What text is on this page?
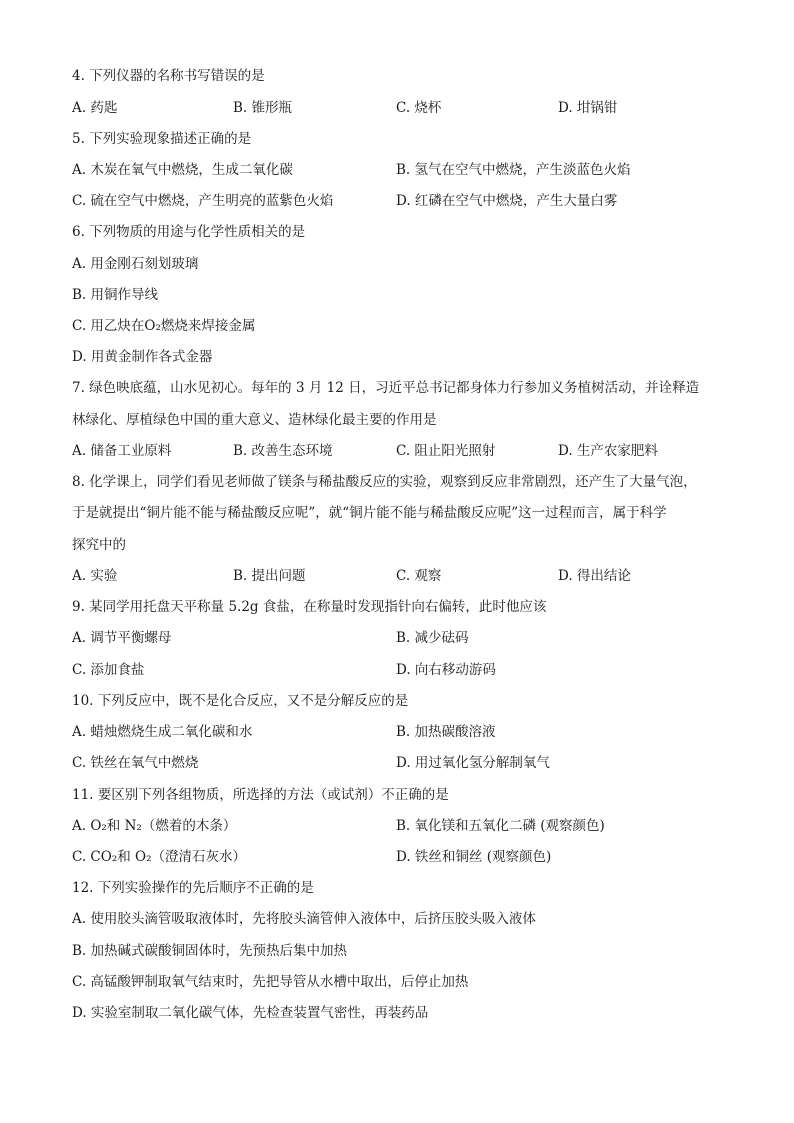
4. 下列仪器的名称书写错误的是
A. 药匙	B. 锥形瓶	C. 烧杯	D. 坩锅钳
5. 下列实验现象描述正确的是
A. 木炭在氧气中燃烧，生成二氧化碳	B. 氢气在空气中燃烧，产生淡蓝色火焰
C. 硫在空气中燃烧，产生明亮的蓝紫色火焰	D. 红磷在空气中燃烧，产生大量白雾
6. 下列物质的用途与化学性质相关的是
A. 用金刚石刻划玻璃
B. 用铜作导线
C. 用乙炔在O₂燃烧来焊接金属
D. 用黄金制作各式金器
7. 绿色映底蕴，山水见初心。每年的 3 月 12 日，习近平总书记都身体力行参加义务植树活动，并诠释造
林绿化、厚植绿色中国的重大意义、造林绿化最主要的作用是
A. 储备工业原料	B. 改善生态环境	C. 阻止阳光照射	D. 生产农家肥料
8. 化学课上，同学们看见老师做了镁条与稀盐酸反应的实验，观察到反应非常剧烈，还产生了大量气泡，
于是就提出“铜片能不能与稀盐酸反应呢”，就“铜片能不能与稀盐酸反应呢”这一过程而言，属于科学
探究中的
A. 实验	B. 提出问题	C. 观察	D. 得出结论
9. 某同学用托盘天平称量 5.2g 食盐，在称量时发现指针向右偏转，此时他应该
A. 调节平衡螺母	B. 减少砝码
C. 添加食盐	D. 向右移动游码
10. 下列反应中，既不是化合反应，又不是分解反应的是
A. 蜡烛燃烧生成二氧化碳和水	B. 加热碳酸溶液
C. 铁丝在氧气中燃烧	D. 用过氧化氢分解制氧气
11. 要区别下列各组物质，所选择的方法（或试剂）不正确的是
A. O₂和 N₂（燃着的木条）	B. 氧化镁和五氧化二磷 (观察颜色)
C. CO₂和 O₂（澄清石灰水）	D. 铁丝和铜丝 (观察颜色)
12. 下列实验操作的先后顺序不正确的是
A. 使用胶头滴管吸取液体时，先将胶头滴管伸入液体中，后挤压胶头吸入液体
B. 加热碱式碳酸铜固体时，先预热后集中加热
C. 高锰酸钾制取氧气结束时，先把导管从水槽中取出，后停止加热
D. 实验室制取二氧化碳气体，先检查装置气密性，再装药品
